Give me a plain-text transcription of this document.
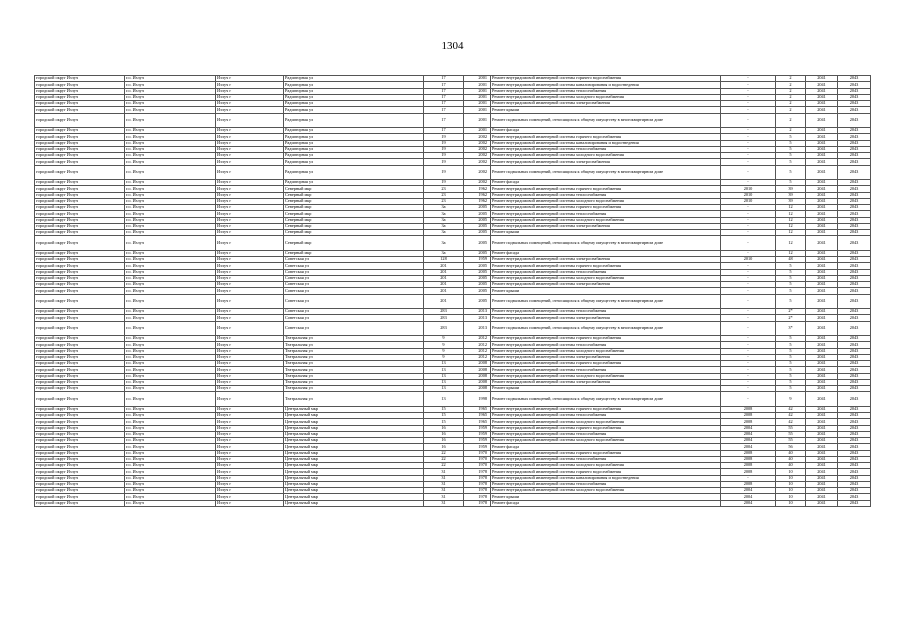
1304
городской округ Излуч	г.о. Излуч	Излуч г	Радиаторная ул	17	2001	Ремонт внутридомовой инженерной системы горячего водоснабжения	-	2	2041	2043
городской округ Излуч	г.о. Излуч	Излуч г	Радиаторная ул	17	2001	Ремонт внутридомовой инженерной системы канализирования и водоотведения	-	2	2041	2043
городской округ Излуч	г.о. Излуч	Излуч г	Радиаторная ул	17	2001	Ремонт внутридомовой инженерной системы теплоснабжения	-	2	2041	2043
городской округ Излуч	г.о. Излуч	Излуч г	Радиаторная ул	17	2001	Ремонт внутридомовой инженерной системы холодного водоснабжения	-	2	2041	2043
городской округ Излуч	г.о. Излуч	Излуч г	Радиаторная ул	17	2001	Ремонт внутридомовой инженерной системы электроснабжения	-	2	2041	2043
городской округ Излуч	г.о. Излуч	Излуч г	Радиаторная ул	17	2001	Ремонт крыши	-	2	2041	2043
городской округ Излуч	г.о. Излуч	Излуч г	Радиаторная ул	17	2001	Ремонт подвальных помещений, относящихся к общему имуществу в многоквартирном доме	-	2	2041	2043
городской округ Излуч	г.о. Излуч	Излуч г	Радиаторная ул	17	2001	Ремонт фасада	-	2	2041	2043
городской округ Излуч	г.о. Излуч	Излуч г	Радиаторная ул	19	2002	Ремонт внутридомовой инженерной системы горячего водоснабжения	-	5	2041	2043
городской округ Излуч	г.о. Излуч	Излуч г	Радиаторная ул	19	2002	Ремонт внутридомовой инженерной системы канализирования и водоотведения	-	5	2041	2043
городской округ Излуч	г.о. Излуч	Излуч г	Радиаторная ул	19	2002	Ремонт внутридомовой инженерной системы теплоснабжения	-	5	2041	2043
городской округ Излуч	г.о. Излуч	Излуч г	Радиаторная ул	19	2002	Ремонт внутридомовой инженерной системы холодного водоснабжения	-	5	2041	2043
городской округ Излуч	г.о. Излуч	Излуч г	Радиаторная ул	19	2002	Ремонт внутридомовой инженерной системы электроснабжения	-	5	2041	2043
городской округ Излуч	г.о. Излуч	Излуч г	Радиаторная ул	19	2002	Ремонт подвальных помещений, относящихся к общему имуществу в многоквартирном доме	-	5	2041	2043
городской округ Излуч	г.о. Излуч	Излуч г	Радиаторная ул	19	2002	Ремонт фасада	-	5	2041	2043
городской округ Излуч	г.о. Излуч	Излуч г	Северный мкр	23	1962	Ремонт внутридомовой инженерной системы горячего водоснабжения	2010	39	2041	2043
городской округ Излуч	г.о. Излуч	Излуч г	Северный мкр	23	1962	Ремонт внутридомовой инженерной системы теплоснабжения	2010	39	2041	2043
городской округ Излуч	г.о. Излуч	Излуч г	Северный мкр	23	1962	Ремонт внутридомовой инженерной системы холодного водоснабжения	2010	39	2041	2043
городской округ Излуч	г.о. Излуч	Излуч г	Северный мкр	3а	2005	Ремонт внутридомовой инженерной системы горячего водоснабжения	-	12	2041	2043
городской округ Излуч	г.о. Излуч	Излуч г	Северный мкр	3а	2005	Ремонт внутридомовой инженерной системы теплоснабжения	-	12	2041	2043
городской округ Излуч	г.о. Излуч	Излуч г	Северный мкр	3а	2005	Ремонт внутридомовой инженерной системы холодного водоснабжения	-	12	2041	2043
городской округ Излуч	г.о. Излуч	Излуч г	Северный мкр	3а	2005	Ремонт внутридомовой инженерной системы электроснабжения	-	12	2041	2043
городской округ Излуч	г.о. Излуч	Излуч г	Северный мкр	3а	2005	Ремонт крыши	-	12	2041	2043
городской округ Излуч	г.о. Излуч	Излуч г	Северный мкр	3а	2005	Ремонт подвальных помещений, относящихся к общему имуществу в многоквартирном доме	-	12	2041	2043
городской округ Излуч	г.о. Излуч	Излуч г	Северный мкр	3а	2005	Ремонт фасада	-	12	2041	2043
городской округ Излуч	г.о. Излуч	Излуч г	Советская ул	128	1959	Ремонт внутридомовой инженерной системы электроснабжения	2010	48	2041	2043
городской округ Излуч	г.о. Излуч	Излуч г	Советская ул	201	2005	Ремонт внутридомовой инженерной системы горячего водоснабжения	-	5	2041	2043
городской округ Излуч	г.о. Излуч	Излуч г	Советская ул	201	2005	Ремонт внутридомовой инженерной системы теплоснабжения	-	5	2041	2043
городской округ Излуч	г.о. Излуч	Излуч г	Советская ул	201	2005	Ремонт внутридомовой инженерной системы холодного водоснабжения	-	5	2041	2043
городской округ Излуч	г.о. Излуч	Излуч г	Советская ул	201	2005	Ремонт внутридомовой инженерной системы электроснабжения	-	5	2041	2043
городской округ Излуч	г.о. Излуч	Излуч г	Советская ул	201	2005	Ремонт крыши	-	5	2041	2043
городской округ Излуч	г.о. Излуч	Излуч г	Советская ул	201	2005	Ремонт подвальных помещений, относящихся к общему имуществу в многоквартирном доме	-	5	2041	2043
городской округ Излуч	г.о. Излуч	Излуч г	Советская ул	283	2013	Ремонт внутридомовой инженерной системы теплоснабжения	-	2*	2041	2043
городской округ Излуч	г.о. Излуч	Излуч г	Советская ул	283	2013	Ремонт внутридомовой инженерной системы электроснабжения	-	2*	2041	2043
городской округ Излуч	г.о. Излуч	Излуч г	Советская ул	283	2013	Ремонт подвальных помещений, относящихся к общему имуществу в многоквартирном доме	-	3*	2041	2043
городской округ Излуч	г.о. Излуч	Излуч г	Театральная ул	9	2012	Ремонт внутридомовой инженерной системы горячего водоснабжения	-	5	2041	2043
городской округ Излуч	г.о. Излуч	Излуч г	Театральная ул	9	2012	Ремонт внутридомовой инженерной системы теплоснабжения	-	5	2041	2043
городской округ Излуч	г.о. Излуч	Излуч г	Театральная ул	9	2012	Ремонт внутридомовой инженерной системы холодного водоснабжения	-	5	2041	2043
городской округ Излуч	г.о. Излуч	Излуч г	Театральная ул	9	2012	Ремонт внутридомовой инженерной системы электроснабжения	-	5	2041	2043
городской округ Излуч	г.о. Излуч	Излуч г	Театральная ул	13	2008	Ремонт внутридомовой инженерной системы горячего водоснабжения	-	5	2041	2043
городской округ Излуч	г.о. Излуч	Излуч г	Театральная ул	13	2008	Ремонт внутридомовой инженерной системы теплоснабжения	-	5	2041	2043
городской округ Излуч	г.о. Излуч	Излуч г	Театральная ул	13	2008	Ремонт внутридомовой инженерной системы холодного водоснабжения	-	5	2041	2043
городской округ Излуч	г.о. Излуч	Излуч г	Театральная ул	13	2008	Ремонт внутридомовой инженерной системы электроснабжения	-	5	2041	2043
городской округ Излуч	г.о. Излуч	Излуч г	Театральная ул	13	2008	Ремонт крыши	-	5	2041	2043
городской округ Излуч	г.о. Излуч	Излуч г	Театральная ул	13	1998	Ремонт подвальных помещений, относящихся к общему имуществу в многоквартирном доме	-	9	2041	2043
городской округ Излуч	г.о. Излуч	Излуч г	Центральный мкр	15	1965	Ремонт внутридомовой инженерной системы горячего водоснабжения	2008	42	2041	2043
городской округ Излуч	г.о. Излуч	Излуч г	Центральный мкр	15	1965	Ремонт внутридомовой инженерной системы теплоснабжения	2008	42	2041	2043
городской округ Излуч	г.о. Излуч	Излуч г	Центральный мкр	15	1965	Ремонт внутридомовой инженерной системы холодного водоснабжения	2008	42	2041	2043
городской округ Излуч	г.о. Излуч	Излуч г	Центральный мкр	16	1959	Ремонт внутридомовой инженерной системы горячего водоснабжения	2004	55	2041	2043
городской округ Излуч	г.о. Излуч	Излуч г	Центральный мкр	16	1959	Ремонт внутридомовой инженерной системы теплоснабжения	2004	55	2041	2043
городской округ Излуч	г.о. Излуч	Излуч г	Центральный мкр	16	1959	Ремонт внутридомовой инженерной системы холодного водоснабжения	2004	55	2041	2043
городской округ Излуч	г.о. Излуч	Излуч г	Центральный мкр	16	1959	Ремонт фасада	2004	56	2041	2043
городской округ Излуч	г.о. Излуч	Излуч г	Центральный мкр	22	1970	Ремонт внутридомовой инженерной системы горячего водоснабжения	2008	40	2041	2043
городской округ Излуч	г.о. Излуч	Излуч г	Центральный мкр	22	1970	Ремонт внутридомовой инженерной системы теплоснабжения	2008	40	2041	2043
городской округ Излуч	г.о. Излуч	Излуч г	Центральный мкр	22	1970	Ремонт внутридомовой инженерной системы холодного водоснабжения	2008	40	2041	2043
городской округ Излуч	г.о. Излуч	Излуч г	Центральный мкр	31	1978	Ремонт внутридомовой инженерной системы горячего водоснабжения	2008	10	2041	2043
городской округ Излуч	г.о. Излуч	Излуч г	Центральный мкр	31	1978	Ремонт внутридомовой инженерной системы канализирования и водоотведения	-	10	2041	2043
городской округ Излуч	г.о. Излуч	Излуч г	Центральный мкр	31	1978	Ремонт внутридомовой инженерной системы теплоснабжения	2008	10	2041	2043
городской округ Излуч	г.о. Излуч	Излуч г	Центральный мкр	31	1978	Ремонт внутридомовой инженерной системы холодного водоснабжения	2004	10	2041	2043
городской округ Излуч	г.о. Излуч	Излуч г	Центральный мкр	31	1978	Ремонт крыши	2004	10	2041	2043
городской округ Излуч	г.о. Излуч	Излуч г	Центральный мкр	31	1978	Ремонт фасада	2004	10	2041	2043
